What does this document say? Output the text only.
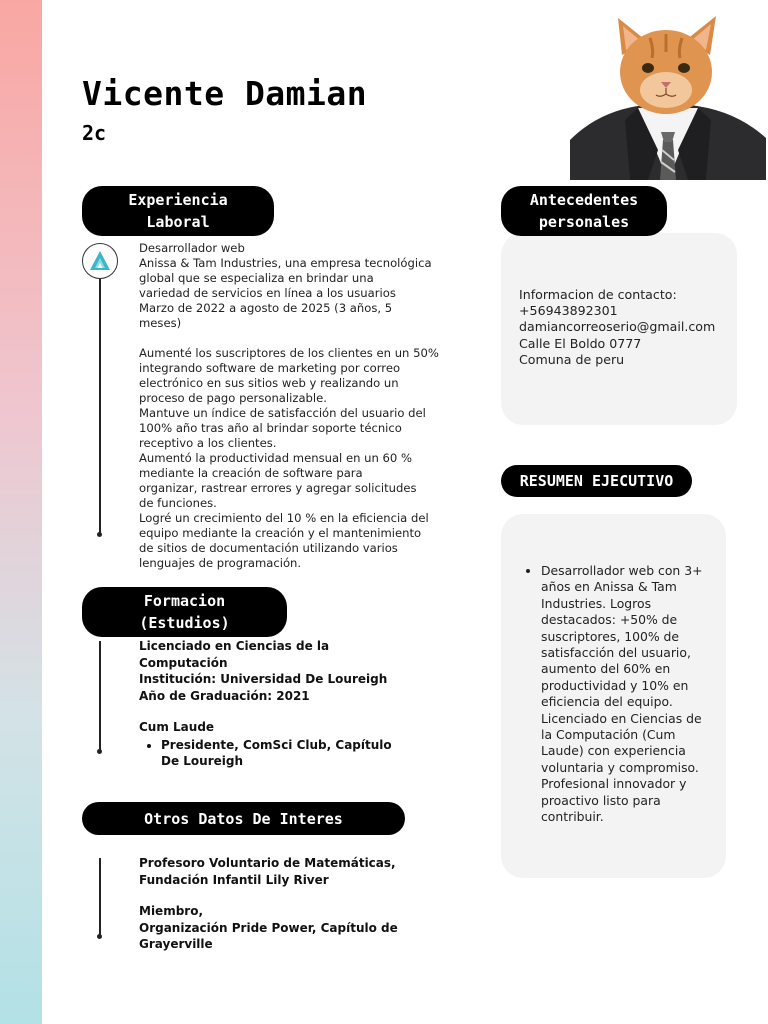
Vicente Damian
2c
Experiencia
Laboral

Desarrollador web

Anissa & Tam Industries, una empresa tecnológica

global que se especializa en brindar una

variedad de servicios en línea a los usuarios

Marzo de 2022 a agosto de 2025 (3 años, 5

meses)

Aumenté los suscriptores de los clientes en un 50%

integrando software de marketing por correo

electrónico en sus sitios web y realizando un

proceso de pago personalizable.

Mantuve un índice de satisfacción del usuario del

100% año tras año al brindar soporte técnico

receptivo a los clientes.

Aumentó la productividad mensual en un 60 %

mediante la creación de software para

organizar, rastrear errores y agregar solicitudes

de funciones.

Logré un crecimiento del 10 % en la eficiencia del

equipo mediante la creación y el mantenimiento

de sitios de documentación utilizando varios

lenguajes de programación.

Formacion
(Estudios)

Licenciado en Ciencias de la

Computación

Institución: Universidad De Loureigh

Año de Graduación: 2021

Cum Laude

• Presidente, ComSci Club, Capítulo De Loureigh
Otros Datos De Interes

Profesoro Voluntario de Matemáticas,

Fundación Infantil Lily River

Miembro,

Organización Pride Power, Capítulo de

Grayerville

Antecedentes
personales

Informacion de contacto:

+56943892301

damiancorreoserio@gmail.com

Calle El Boldo 0777

Comuna de peru

RESUMEN EJECUTIVO
• Desarrollador web con 3+ años en Anissa & Tam Industries. Logros destacados: +50% de suscriptores, 100% de satisfacción del usuario, aumento del 60% en productividad y 10% en eficiencia del equipo. Licenciado en Ciencias de la Computación (Cum Laude) con experiencia voluntaria y compromiso. Profesional innovador y proactivo listo para contribuir.
